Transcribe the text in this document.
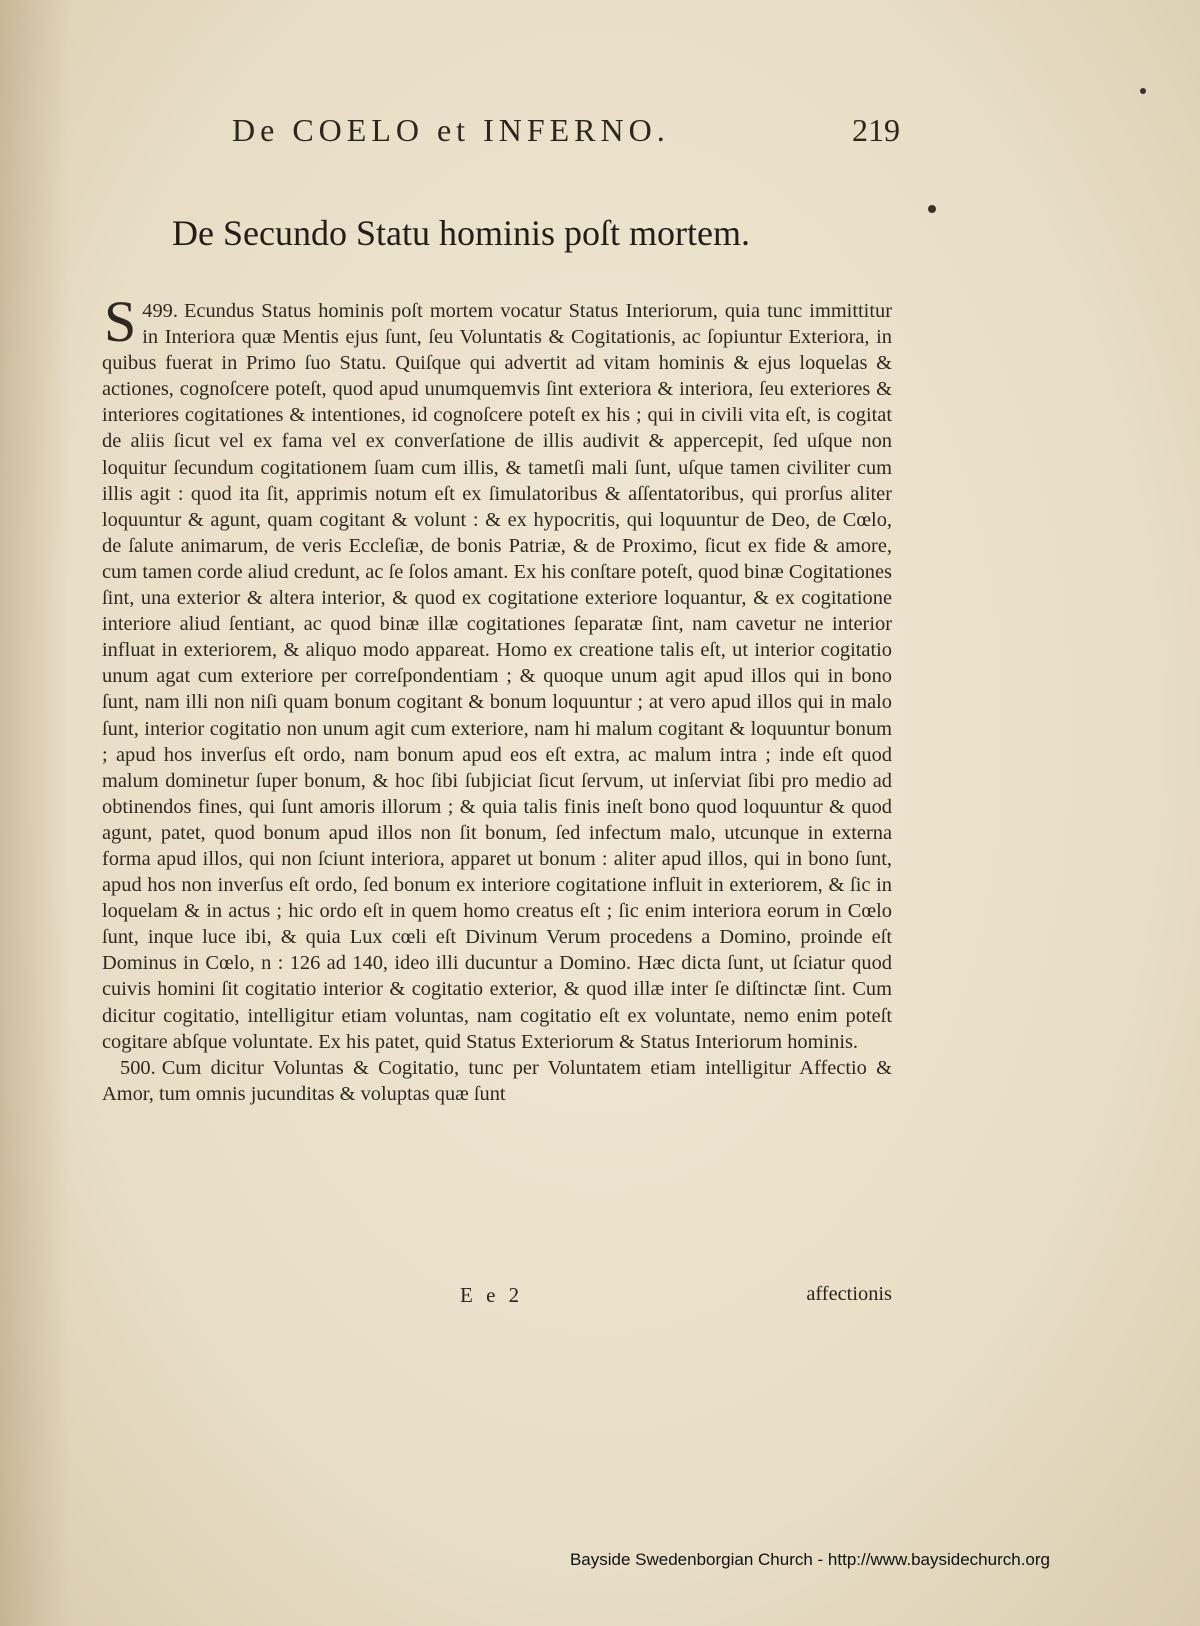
De COELO et INFERNO.	219
De Secundo Statu hominis poſt mortem.

499.
S Ecundus Status hominis poſt mortem vocatur Status Interiorum, quia tunc immittitur in Interiora quæ Mentis ejus ſunt, ſeu Voluntatis & Cogitationis, ac ſopiuntur Exteriora, in quibus fuerat in Primo ſuo Statu. Quiſque qui advertit ad vitam hominis & ejus loquelas & actiones, cognoſcere poteſt, quod apud unumquemvis ſint exteriora & interiora, ſeu exteriores & interiores cogitationes & intentiones, id cognoſcere poteſt ex his ; qui in civili vita eſt, is cogitat de aliis ſicut vel ex fama vel ex converſatione de illis audivit & appercepit, ſed uſque non loquitur ſecundum cogitationem ſuam cum illis, & tametſi mali ſunt, uſque tamen civiliter cum illis agit : quod ita ſit, apprimis notum eſt ex ſimulatoribus & aſſentatoribus, qui prorſus aliter loquuntur & agunt, quam cogitant & volunt : & ex hypocritis, qui loquuntur de Deo, de Cœlo, de ſalute animarum, de veris Eccleſiæ, de bonis Patriæ, & de Proximo, ſicut ex fide & amore, cum tamen corde aliud credunt, ac ſe ſolos amant. Ex his conſtare poteſt, quod binæ Cogitationes ſint, una exterior & altera interior, & quod ex cogitatione exteriore loquantur, & ex cogitatione interiore aliud ſentiant, ac quod binæ illæ cogitationes ſeparatæ ſint, nam cavetur ne interior influat in exteriorem, & aliquo modo appareat. Homo ex creatione talis eſt, ut interior cogitatio unum agat cum exteriore per correſpondentiam ; & quoque unum agit apud illos qui in bono ſunt, nam illi non niſi quam bonum cogitant & bonum loquuntur ; at vero apud illos qui in malo ſunt, interior cogitatio non unum agit cum exteriore, nam hi malum cogitant & loquuntur bonum ; apud hos inverſus eſt ordo, nam bonum apud eos eſt extra, ac malum intra ; inde eſt quod malum dominetur ſuper bonum, & hoc ſibi ſubjiciat ſicut ſervum, ut inſerviat ſibi pro medio ad obtinendos fines, qui ſunt amoris illorum ; & quia talis finis ineſt bono quod loquuntur & quod agunt, patet, quod bonum apud illos non ſit bonum, ſed infectum malo, utcunque in externa forma apud illos, qui non ſciunt interiora, apparet ut bonum : aliter apud illos, qui in bono ſunt, apud hos non inverſus eſt ordo, ſed bonum ex interiore cogitatione influit in exteriorem, & ſic in loquelam & in actus ; hic ordo eſt in quem homo creatus eſt ; ſic enim interiora eorum in Cœlo ſunt, inque luce ibi, & quia Lux cœli eſt Divinum Verum procedens a Domino, proinde eſt Dominus in Cœlo, n : 126 ad 140, ideo illi ducuntur a Domino. Hæc dicta ſunt, ut ſciatur quod cuivis homini ſit cogitatio interior & cogitatio exterior, & quod illæ inter ſe diſtinctæ ſint. Cum dicitur cogitatio, intelligitur etiam voluntas, nam cogitatio eſt ex voluntate, nemo enim poteſt cogitare abſque voluntate. Ex his patet, quid Status Exteriorum & Status Interiorum hominis.

500. Cum dicitur Voluntas & Cogitatio, tunc per Voluntatem etiam intelligitur Affectio & Amor, tum omnis jucunditas & voluptas quæ ſunt

E e 2	affectionis
Bayside Swedenborgian Church - http://www.baysidechurch.org
